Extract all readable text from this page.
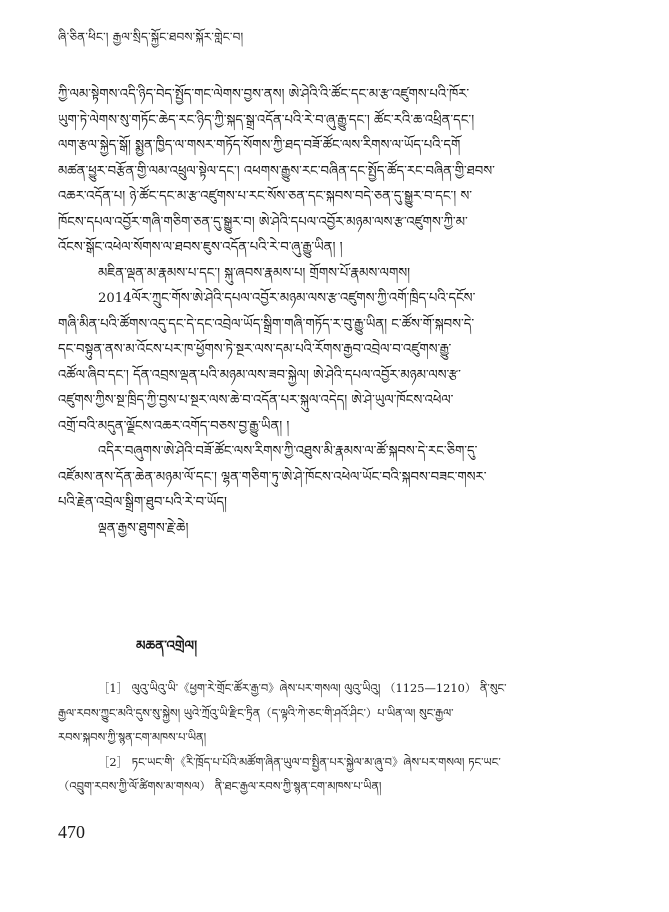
ཞི་ཅིན་ཕིང་། རྒྱལ་སྲིད་སྐྱོང་ཐབས་སྐོར་གླེང་བ།
ཀྱི་ལམ་སྟེགས་འདི་ཉིད་བེད་སྤྱོད་གང་ལེགས་བྱས་ནས། ཨེ་ཤེའི་འི་ཚོང་དང་མ་རྩ་འཛུགས་པའི་ཁོར་
ཡུག་ཏེ་ལེགས་སུ་གཏོང་ཆེད་རང་ཉིད་ཀྱི་སྐད་སྒྲ་འདོན་པའི་རེ་བ་ཞུ་རྒྱུ་དང་། ཚོང་རའི་ཆ་འཕྲིན་དང་།
ལག་རྩལ་སྐྱེད་སྒོ། སྨྱན་ཁྱིད་ལ་གསར་གཏོད་སོགས་ཀྱི་ཐད་བཟོ་ཚོང་ལས་རིགས་ལ་ཡོད་པའི་དགོ
མཚན་ཕྱུར་བརྩོན་གྱི་ལམ་འཕྲུལ་སྟེལ་དང་། འཕགས་རྒྱུས་རང་བཞིན་དང་སྤྱོད་ཚོད་རང་བཞིན་གྱི་ཐབས་
འཆར་འདོན་པ། ཉེ་ཚོང་དང་མ་རྩ་འཛུགས་པ་རང་སོས་ཅན་དང་སྐབས་བདེ་ཅན་དུ་སྒྱུར་བ་དང་། ས་
ཁོངས་དཔལ་འབྱོར་གཞི་གཅིག་ཅན་དུ་སྒྱུར་བ། ཨེ་ཤེའི་དཔལ་འབྱོར་མཉམ་ལས་རྩ་འཛུགས་ཀྱི་མ་
འོངས་སྒོང་འཕེལ་སོགས་ལ་ཐབས་ཇུས་འདོན་པའི་རེ་བ་ཞུ་རྒྱུ་ཡིན། །
མཇིན་ལྡན་མ་རྣམས་པ་དང་། སྐུ་ཞབས་རྣམས་པ། གྲོགས་པོ་རྣམས་ལགས།
2014ལོར་ཀྲུང་གོས་ཨེ་ཤེའི་དཔལ་འབྱོར་མཉམ་ལས་རྩ་འཛུགས་ཀྱི་འགོ་ཁྲིད་པའི་དངོས་
གཞི་མིན་པའི་ཚོགས་འདུ་དང་དེ་དང་འབྲེལ་ཡོད་སྒྲིག་གཞི་གཏོད་ར་བུ་རྒྱུ་ཡིན། ང་ཚོས་གོ་སྐབས་དེ་
དང་བསྟུན་ནས་མ་འོངས་པར་ཁ་ཕྱོགས་ཏེ་སྔར་ལས་དམ་པའི་རོགས་རྒྱབ་འབྲེལ་བ་འཛུགས་རྒྱུ་
འཚོལ་ཞིབ་དང་། དོན་འབྲས་ལྡན་པའི་མཉམ་ལས་ཟབ་སྐྱེལ། ཨེ་ཤེའི་དཔལ་འབྱོར་མཉམ་ལས་རྩ་
འཛུགས་ཀྱིས་སྔ་ཁྲིད་ཀྱི་བྱས་པ་སྔར་ལས་ཆེ་བ་འདོན་པར་སྐུལ་འདེད། ཨེ་ཤེ་ཡུལ་ཁོངས་འཕེལ་
འགྲོ་བའི་མདུན་ལྗོངས་འཆར་འགོད་བཅས་བྱ་རྒྱུ་ཡིན། །
འདིར་བཞུགས་ཨེ་ཤེའི་བཟོ་ཚོང་ལས་རིགས་ཀྱི་འཐུས་མི་རྣམས་ལ་ཚོ་སྐབས་དེ་རང་ཅིག་དུ་
འཛོམས་ནས་དོན་ཆེན་མཉམ་ལོ་དང་། ལྷན་གཅིག་ཏུ་ཨེ་ཤེ་ཁོངས་འཕེལ་ཡོང་བའི་སྐབས་བཟང་གསར་
པའི་རྗེན་འབྲེལ་སྒྲིག་ཐུབ་པའི་རེ་བ་ཡོད།
ལྡན་རྒྱས་ཐུགས་རྗེ་ཆེ།
མཆན་འགྲེལ།
［1］ ལུའུ་ཡིའུ་ཡི་《ཕྱག་རེ་གྲོང་ཚོར་རྒྱ་བ》ཞེས་པར་གསལ། ལུའུ་ཡིའུ། （1125—1210） ནི་སུང་
རྒྱལ་རབས་ཀྱུང་མའི་དུས་སུ་སྐྱེས། ཡུའེ་ཀྲོའུ་ཡི་རྫིང་ཏྲིན（ད་ལྟའི་ཀེ་ཅང་གི་ཤའོ་ཤིང་）པ་ཡིན་ལ། སུང་རྒྱལ་
རབས་སྐབས་ཀྱི་སྙན་ངག་མཁས་པ་ཡིན།
［2］ ཏང་ཡང་གི་《རི་ཁྲོད་པ་པོའི་མཚོག་ཞིན་ཡུལ་བ་སྤྱིན་པར་སྐྱེལ་མ་ཞུ་བ》ཞེས་པར་གསལ། ཏང་ཡང་
（འབྲུག་རབས་ཀྱི་ལོ་ཚིགས་མ་གསལ） ནི་ཐང་རྒྱལ་རབས་ཀྱི་སྙན་ངག་མཁས་པ་ཡིན།
470
